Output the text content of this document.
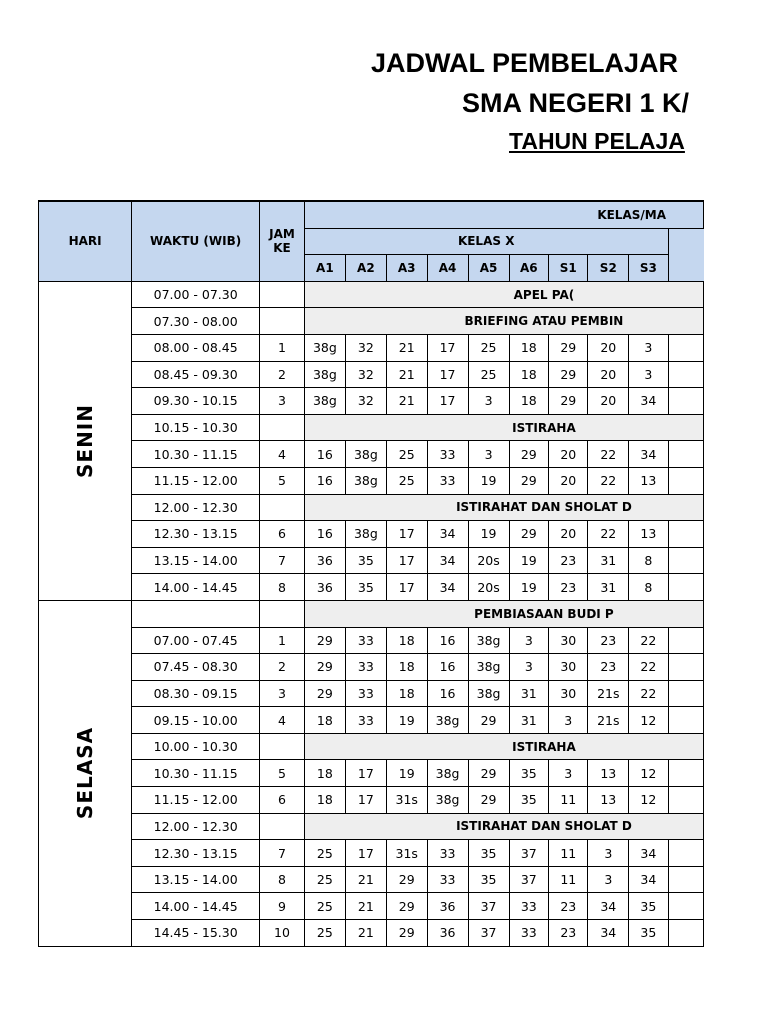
JADWAL PEMBELAJAR
SMA NEGERI 1 K/
TAHUN PELAJA
HARI	WAKTU (WIB)	JAM KE	KELAS/MA									
			KELAS X									
			A1	A2	A3	A4	A5	A6	S1	S2	S3	
SENIN	07.00 - 07.30		APEL PA(									
	07.30 - 08.00		BRIEFING ATAU PEMBIN									
	08.00 - 08.45	1	38g	32	21	17	25	18	29	20	3	
	08.45 - 09.30	2	38g	32	21	17	25	18	29	20	3	
	09.30 - 10.15	3	38g	32	21	17	3	18	29	20	34	
	10.15 - 10.30		ISTIRAHA									
	10.30 - 11.15	4	16	38g	25	33	3	29	20	22	34	
	11.15 - 12.00	5	16	38g	25	33	19	29	20	22	13	
	12.00 - 12.30		ISTIRAHAT DAN SHOLAT D									
	12.30 - 13.15	6	16	38g	17	34	19	29	20	22	13	
	13.15 - 14.00	7	36	35	17	34	20s	19	23	31	8	
	14.00 - 14.45	8	36	35	17	34	20s	19	23	31	8	
SELASA			PEMBIASAAN BUDI P									
	07.00 - 07.45	1	29	33	18	16	38g	3	30	23	22	
	07.45 - 08.30	2	29	33	18	16	38g	3	30	23	22	
	08.30 - 09.15	3	29	33	18	16	38g	31	30	21s	22	
	09.15 - 10.00	4	18	33	19	38g	29	31	3	21s	12	
	10.00 - 10.30		ISTIRAHA									
	10.30 - 11.15	5	18	17	19	38g	29	35	3	13	12	
	11.15 - 12.00	6	18	17	31s	38g	29	35	11	13	12	
	12.00 - 12.30		ISTIRAHAT DAN SHOLAT D									
	12.30 - 13.15	7	25	17	31s	33	35	37	11	3	34	
	13.15 - 14.00	8	25	21	29	33	35	37	11	3	34	
	14.00 - 14.45	9	25	21	29	36	37	33	23	34	35	
	14.45 - 15.30	10	25	21	29	36	37	33	23	34	35	
